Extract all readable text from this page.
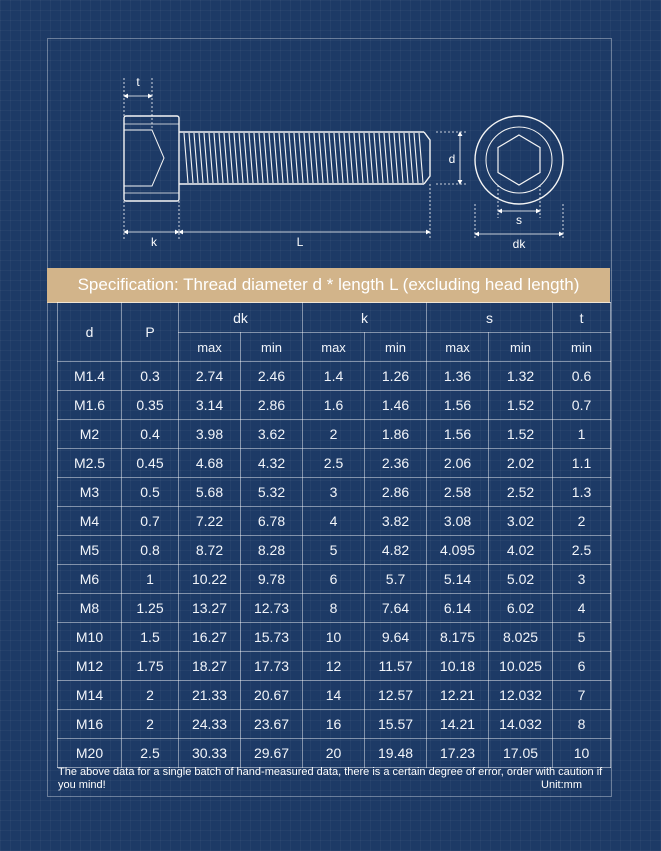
t
k	L
d
s
dk
Specification: Thread diameter d * length L (excluding head length)
d	P	dk		k		s		t
		max	min	max	min	max	min	min
M1.4	0.3	2.74	2.46	1.4	1.26	1.36	1.32	0.6
M1.6	0.35	3.14	2.86	1.6	1.46	1.56	1.52	0.7
M2	0.4	3.98	3.62	2	1.86	1.56	1.52	1
M2.5	0.45	4.68	4.32	2.5	2.36	2.06	2.02	1.1
M3	0.5	5.68	5.32	3	2.86	2.58	2.52	1.3
M4	0.7	7.22	6.78	4	3.82	3.08	3.02	2
M5	0.8	8.72	8.28	5	4.82	4.095	4.02	2.5
M6	1	10.22	9.78	6	5.7	5.14	5.02	3
M8	1.25	13.27	12.73	8	7.64	6.14	6.02	4
M10	1.5	16.27	15.73	10	9.64	8.175	8.025	5
M12	1.75	18.27	17.73	12	11.57	10.18	10.025	6
M14	2	21.33	20.67	14	12.57	12.21	12.032	7
M16	2	24.33	23.67	16	15.57	14.21	14.032	8
M20	2.5	30.33	29.67	20	19.48	17.23	17.05	10
The above data for a single batch of hand-measured data, there is a certain degree of error, order with caution if you mind!	Unit:mm
